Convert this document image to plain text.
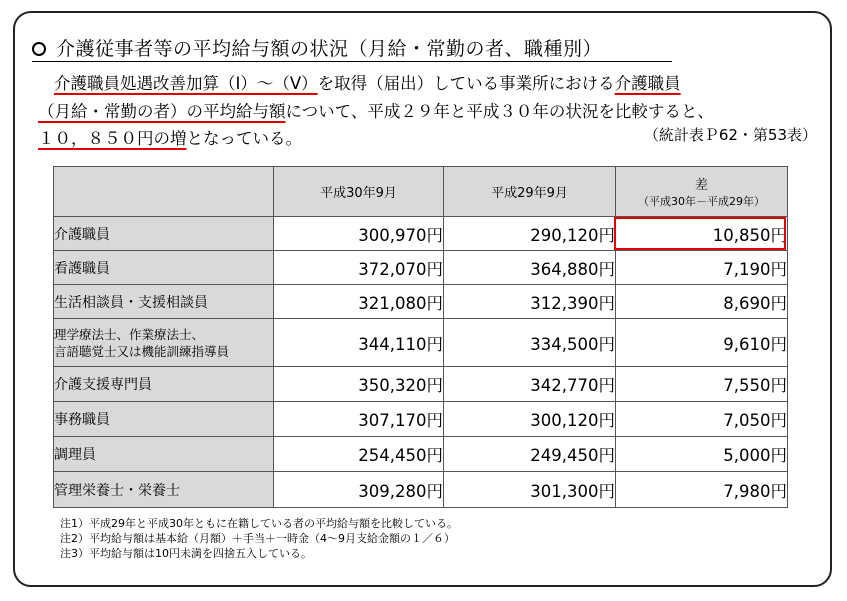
介護従事者等の平均給与額の状況（月給・常勤の者、職種別）
介護職員処遇改善加算（Ⅰ）～（Ⅴ）を取得（届出）している事業所における介護職員
（月給・常勤の者）の平均給与額について、平成２９年と平成３０年の状況を比較すると、
１０，８５０円の増となっている。	（統計表Ｐ62・第53表）
	平成30年9月	平成29年9月	差
（平成30年－平成29年）

介護職員	300,970円	290,120円	10,850円
看護職員	372,070円	364,880円	7,190円
生活相談員・支援相談員	321,080円	312,390円	8,690円
理学療法士、作業療法士、
言語聴覚士又は機能訓練指導員	344,110円	334,500円	9,610円
介護支援専門員	350,320円	342,770円	7,550円
事務職員	307,170円	300,120円	7,050円
調理員	254,450円	249,450円	5,000円
管理栄養士・栄養士	309,280円	301,300円	7,980円
注1）平成29年と平成30年ともに在籍している者の平均給与額を比較している。
注2）平均給与額は基本給（月額）＋手当＋一時金（4～9月支給金額の１／６）
注3）平均給与額は10円未満を四捨五入している。
